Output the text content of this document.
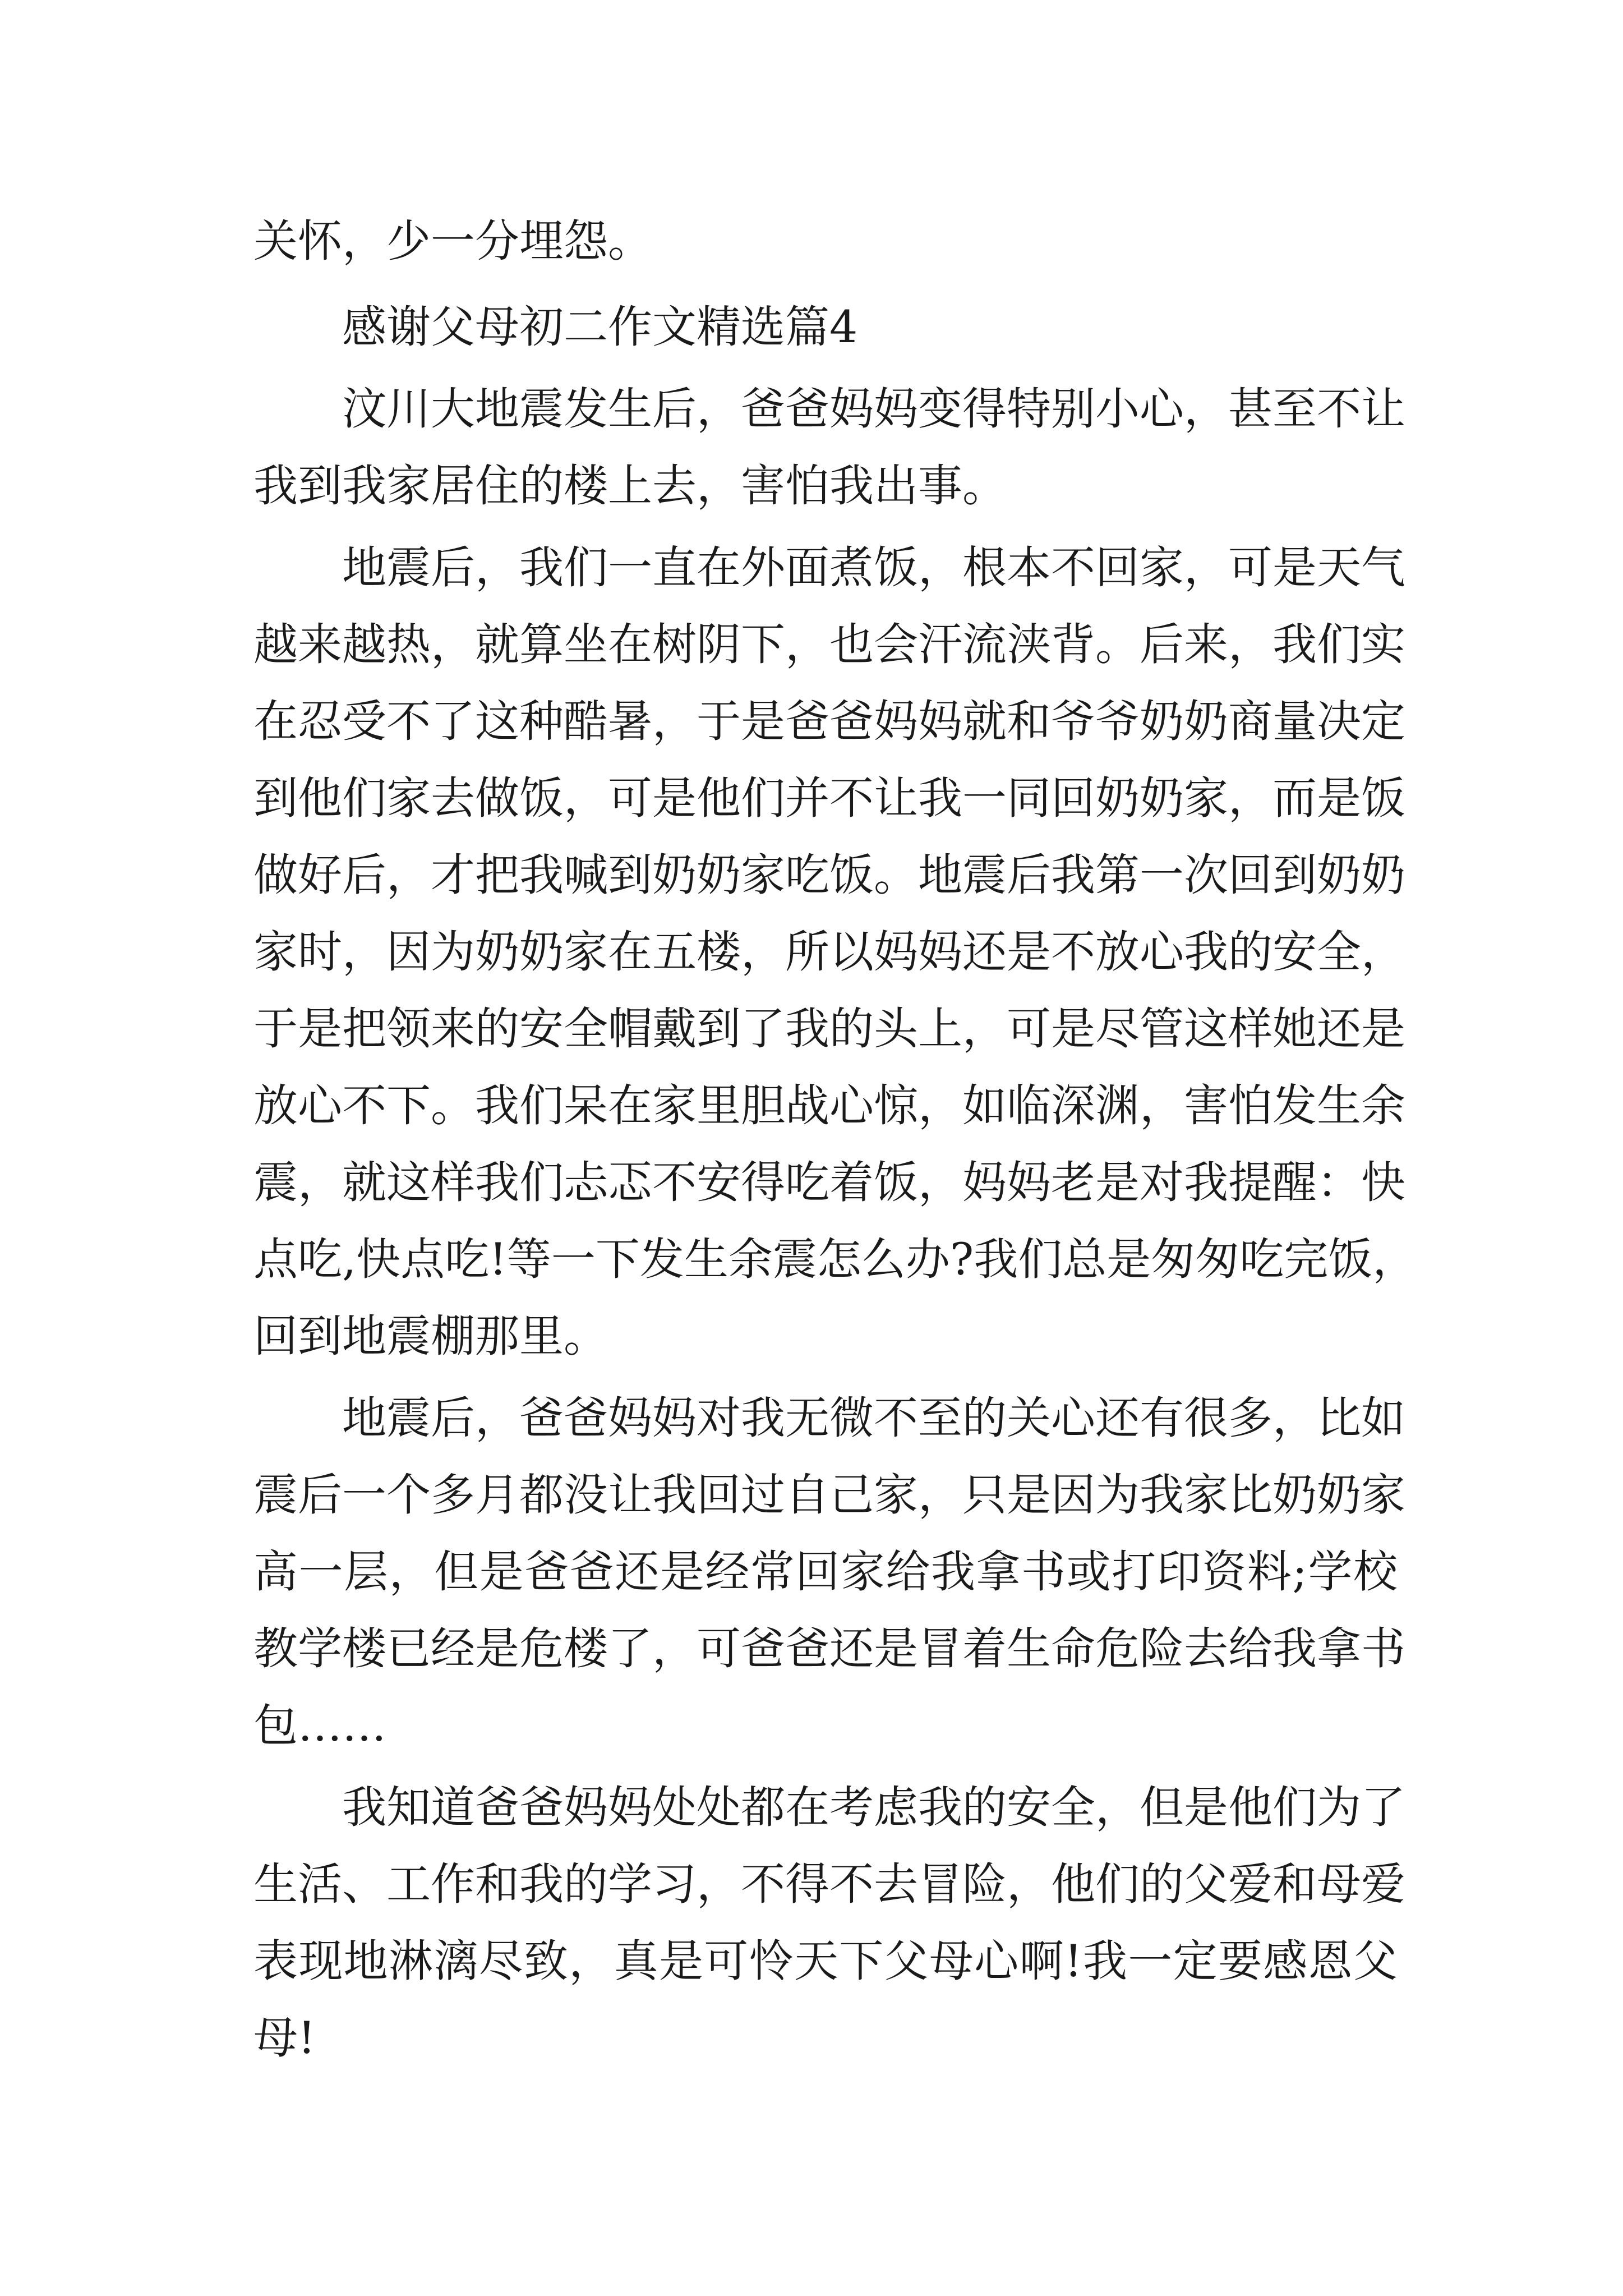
关怀，少一分埋怨。
感谢父母初二作文精选篇4
汶川大地震发生后，爸爸妈妈变得特别小心，甚至不让
我到我家居住的楼上去，害怕我出事。
地震后，我们一直在外面煮饭，根本不回家，可是天气
越来越热，就算坐在树阴下，也会汗流浃背。后来，我们实
在忍受不了这种酷暑，于是爸爸妈妈就和爷爷奶奶商量决定
到他们家去做饭，可是他们并不让我一同回奶奶家，而是饭
做好后，才把我喊到奶奶家吃饭。地震后我第一次回到奶奶
家时，因为奶奶家在五楼，所以妈妈还是不放心我的安全，
于是把领来的安全帽戴到了我的头上，可是尽管这样她还是
放心不下。我们呆在家里胆战心惊，如临深渊，害怕发生余
震，就这样我们忐忑不安得吃着饭，妈妈老是对我提醒：快
点吃,快点吃!等一下发生余震怎么办?我们总是匆匆吃完饭，
回到地震棚那里。
地震后，爸爸妈妈对我无微不至的关心还有很多，比如
震后一个多月都没让我回过自己家，只是因为我家比奶奶家
高一层，但是爸爸还是经常回家给我拿书或打印资料;学校
教学楼已经是危楼了，可爸爸还是冒着生命危险去给我拿书
包……
我知道爸爸妈妈处处都在考虑我的安全，但是他们为了
生活、工作和我的学习，不得不去冒险，他们的父爱和母爱
表现地淋漓尽致，真是可怜天下父母心啊!我一定要感恩父
母!
